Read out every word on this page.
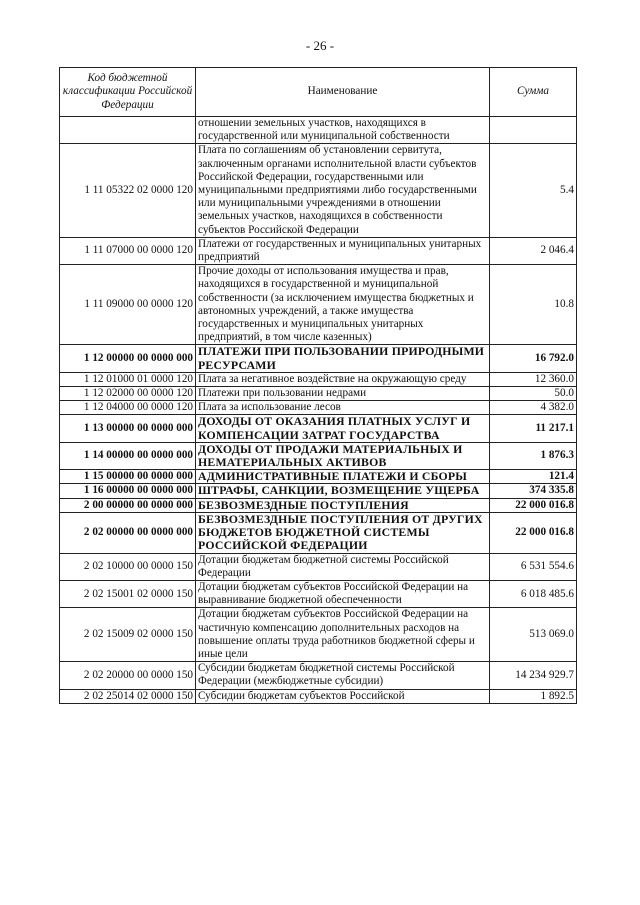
- 26 -
Код бюджетной классификации Российской Федерации	Наименование	Сумма
	отношении земельных участков, находящихся в государственной или муниципальной собственности	
1 11 05322 02 0000 120	Плата по соглашениям об установлении сервитута, заключенным органами исполнительной власти субъектов Российской Федерации, государственными или муниципальными предприятиями либо государственными или муниципальными учреждениями в отношении земельных участков, находящихся в собственности субъектов Российской Федерации	5.4
1 11 07000 00 0000 120	Платежи от государственных и муниципальных унитарных предприятий	2 046.4
1 11 09000 00 0000 120	Прочие доходы от использования имущества и прав, находящихся в государственной и муниципальной собственности (за исключением имущества бюджетных и автономных учреждений, а также имущества государственных и муниципальных унитарных предприятий, в том числе казенных)	10.8
1 12 00000 00 0000 000	ПЛАТЕЖИ ПРИ ПОЛЬЗОВАНИИ ПРИРОДНЫМИ РЕСУРСАМИ	16 792.0
1 12 01000 01 0000 120	Плата за негативное воздействие на окружающую среду	12 360.0
1 12 02000 00 0000 120	Платежи при пользовании недрами	50.0
1 12 04000 00 0000 120	Плата за использование лесов	4 382.0
1 13 00000 00 0000 000	ДОХОДЫ ОТ ОКАЗАНИЯ ПЛАТНЫХ УСЛУГ И КОМПЕНСАЦИИ ЗАТРАТ ГОСУДАРСТВА	11 217.1
1 14 00000 00 0000 000	ДОХОДЫ ОТ ПРОДАЖИ МАТЕРИАЛЬНЫХ И НЕМАТЕРИАЛЬНЫХ АКТИВОВ	1 876.3
1 15 00000 00 0000 000	АДМИНИСТРАТИВНЫЕ ПЛАТЕЖИ И СБОРЫ	121.4
1 16 00000 00 0000 000	ШТРАФЫ, САНКЦИИ, ВОЗМЕЩЕНИЕ УЩЕРБА	374 335.8
2 00 00000 00 0000 000	БЕЗВОЗМЕЗДНЫЕ ПОСТУПЛЕНИЯ	22 000 016.8
2 02 00000 00 0000 000	БЕЗВОЗМЕЗДНЫЕ ПОСТУПЛЕНИЯ ОТ ДРУГИХ БЮДЖЕТОВ БЮДЖЕТНОЙ СИСТЕМЫ РОССИЙСКОЙ ФЕДЕРАЦИИ	22 000 016.8
2 02 10000 00 0000 150	Дотации бюджетам бюджетной системы Российской Федерации	6 531 554.6
2 02 15001 02 0000 150	Дотации бюджетам субъектов Российской Федерации на выравнивание бюджетной обеспеченности	6 018 485.6
2 02 15009 02 0000 150	Дотации бюджетам субъектов Российской Федерации на частичную компенсацию дополнительных расходов на повышение оплаты труда работников бюджетной сферы и иные цели	513 069.0
2 02 20000 00 0000 150	Субсидии бюджетам бюджетной системы Российской Федерации (межбюджетные субсидии)	14 234 929.7
2 02 25014 02 0000 150	Субсидии бюджетам субъектов Российской	1 892.5
